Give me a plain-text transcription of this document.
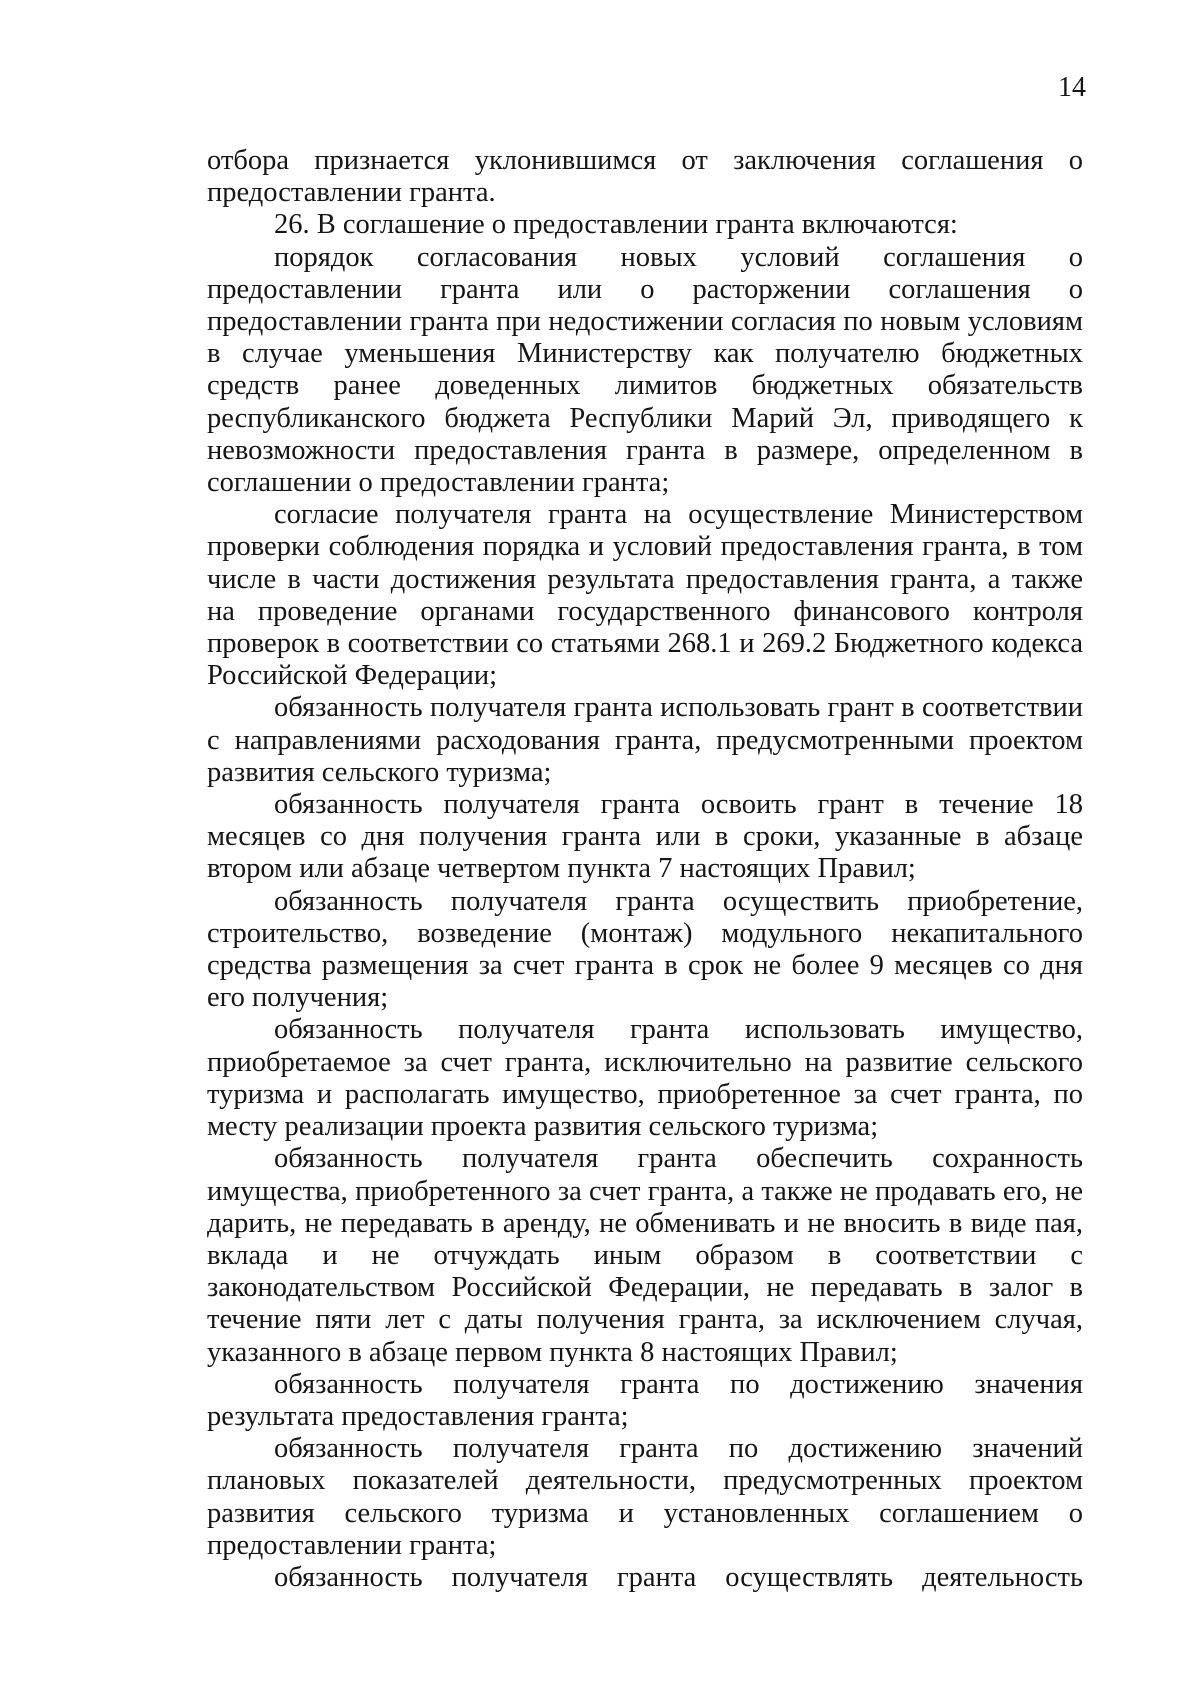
14

отбора признается уклонившимся от заключения соглашения о предоставлении гранта.

26. В соглашение о предоставлении гранта включаются:

порядок согласования новых условий соглашения о предоставлении гранта или о расторжении соглашения о предоставлении гранта при недостижении согласия по новым условиям в случае уменьшения Министерству как получателю бюджетных средств ранее доведенных лимитов бюджетных обязательств республиканского бюджета Республики Марий Эл, приводящего к невозможности предоставления гранта в размере, определенном в соглашении о предоставлении гранта;

согласие получателя гранта на осуществление Министерством проверки соблюдения порядка и условий предоставления гранта, в том числе в части достижения результата предоставления гранта, а также на проведение органами государственного финансового контроля проверок в соответствии со статьями 268.1 и 269.2 Бюджетного кодекса Российской Федерации;

обязанность получателя гранта использовать грант в соответствии с направлениями расходования гранта, предусмотренными проектом развития сельского туризма;

обязанность получателя гранта освоить грант в течение 18 месяцев со дня получения гранта или в сроки, указанные в абзаце втором или абзаце четвертом пункта 7 настоящих Правил;

обязанность получателя гранта осуществить приобретение, строительство, возведение (монтаж) модульного некапитального средства размещения за счет гранта в срок не более 9 месяцев со дня его получения;

обязанность получателя гранта использовать имущество, приобретаемое за счет гранта, исключительно на развитие сельского туризма и располагать имущество, приобретенное за счет гранта, по месту реализации проекта развития сельского туризма;

обязанность получателя гранта обеспечить сохранность имущества, приобретенного за счет гранта, а также не продавать его, не дарить, не передавать в аренду, не обменивать и не вносить в виде пая, вклада и не отчуждать иным образом в соответствии с законодательством Российской Федерации, не передавать в залог в течение пяти лет с даты получения гранта, за исключением случая, указанного в абзаце первом пункта 8 настоящих Правил;

обязанность получателя гранта по достижению значения результата предоставления гранта;

обязанность получателя гранта по достижению значений плановых показателей деятельности, предусмотренных проектом развития сельского туризма и установленных соглашением о предоставлении гранта;

обязанность получателя гранта осуществлять деятельность
